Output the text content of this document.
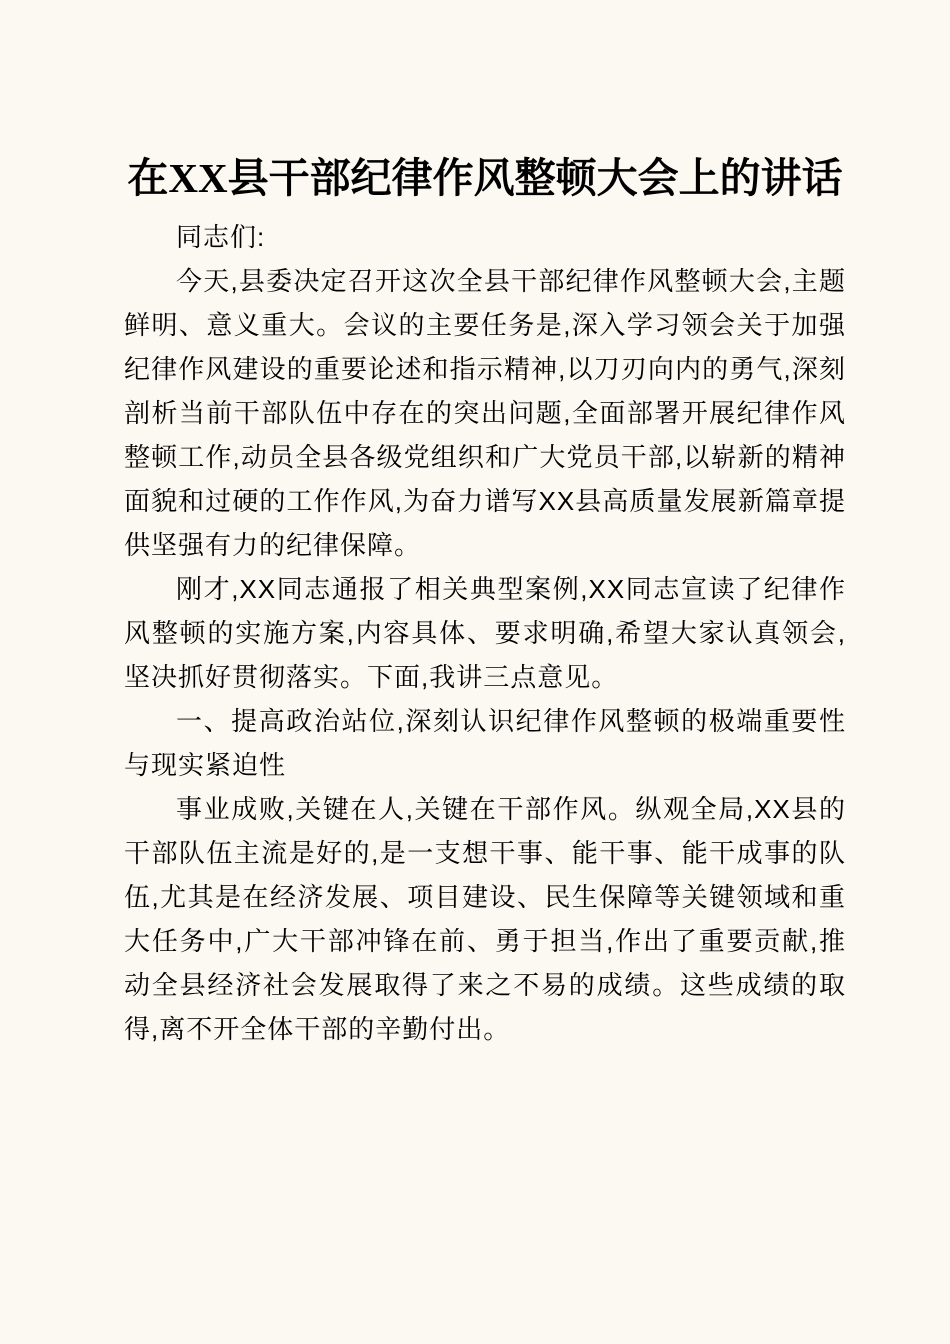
在XX县干部纪律作风整顿大会上的讲话

同志们:

今天,县委决定召开这次全县干部纪律作风整顿大会,主题鲜明、意义重大。会议的主要任务是,深入学习领会关于加强纪律作风建设的重要论述和指示精神,以刀刃向内的勇气,深刻剖析当前干部队伍中存在的突出问题,全面部署开展纪律作风整顿工作,动员全县各级党组织和广大党员干部,以崭新的精神面貌和过硬的工作作风,为奋力谱写XX县高质量发展新篇章提供坚强有力的纪律保障。

刚才,XX同志通报了相关典型案例,XX同志宣读了纪律作风整顿的实施方案,内容具体、要求明确,希望大家认真领会,坚决抓好贯彻落实。下面,我讲三点意见。

一、提高政治站位,深刻认识纪律作风整顿的极端重要性与现实紧迫性

事业成败,关键在人,关键在干部作风。纵观全局,XX县的干部队伍主流是好的,是一支想干事、能干事、能干成事的队伍,尤其是在经济发展、项目建设、民生保障等关键领域和重大任务中,广大干部冲锋在前、勇于担当,作出了重要贡献,推动全县经济社会发展取得了来之不易的成绩。这些成绩的取得,离不开全体干部的辛勤付出。
